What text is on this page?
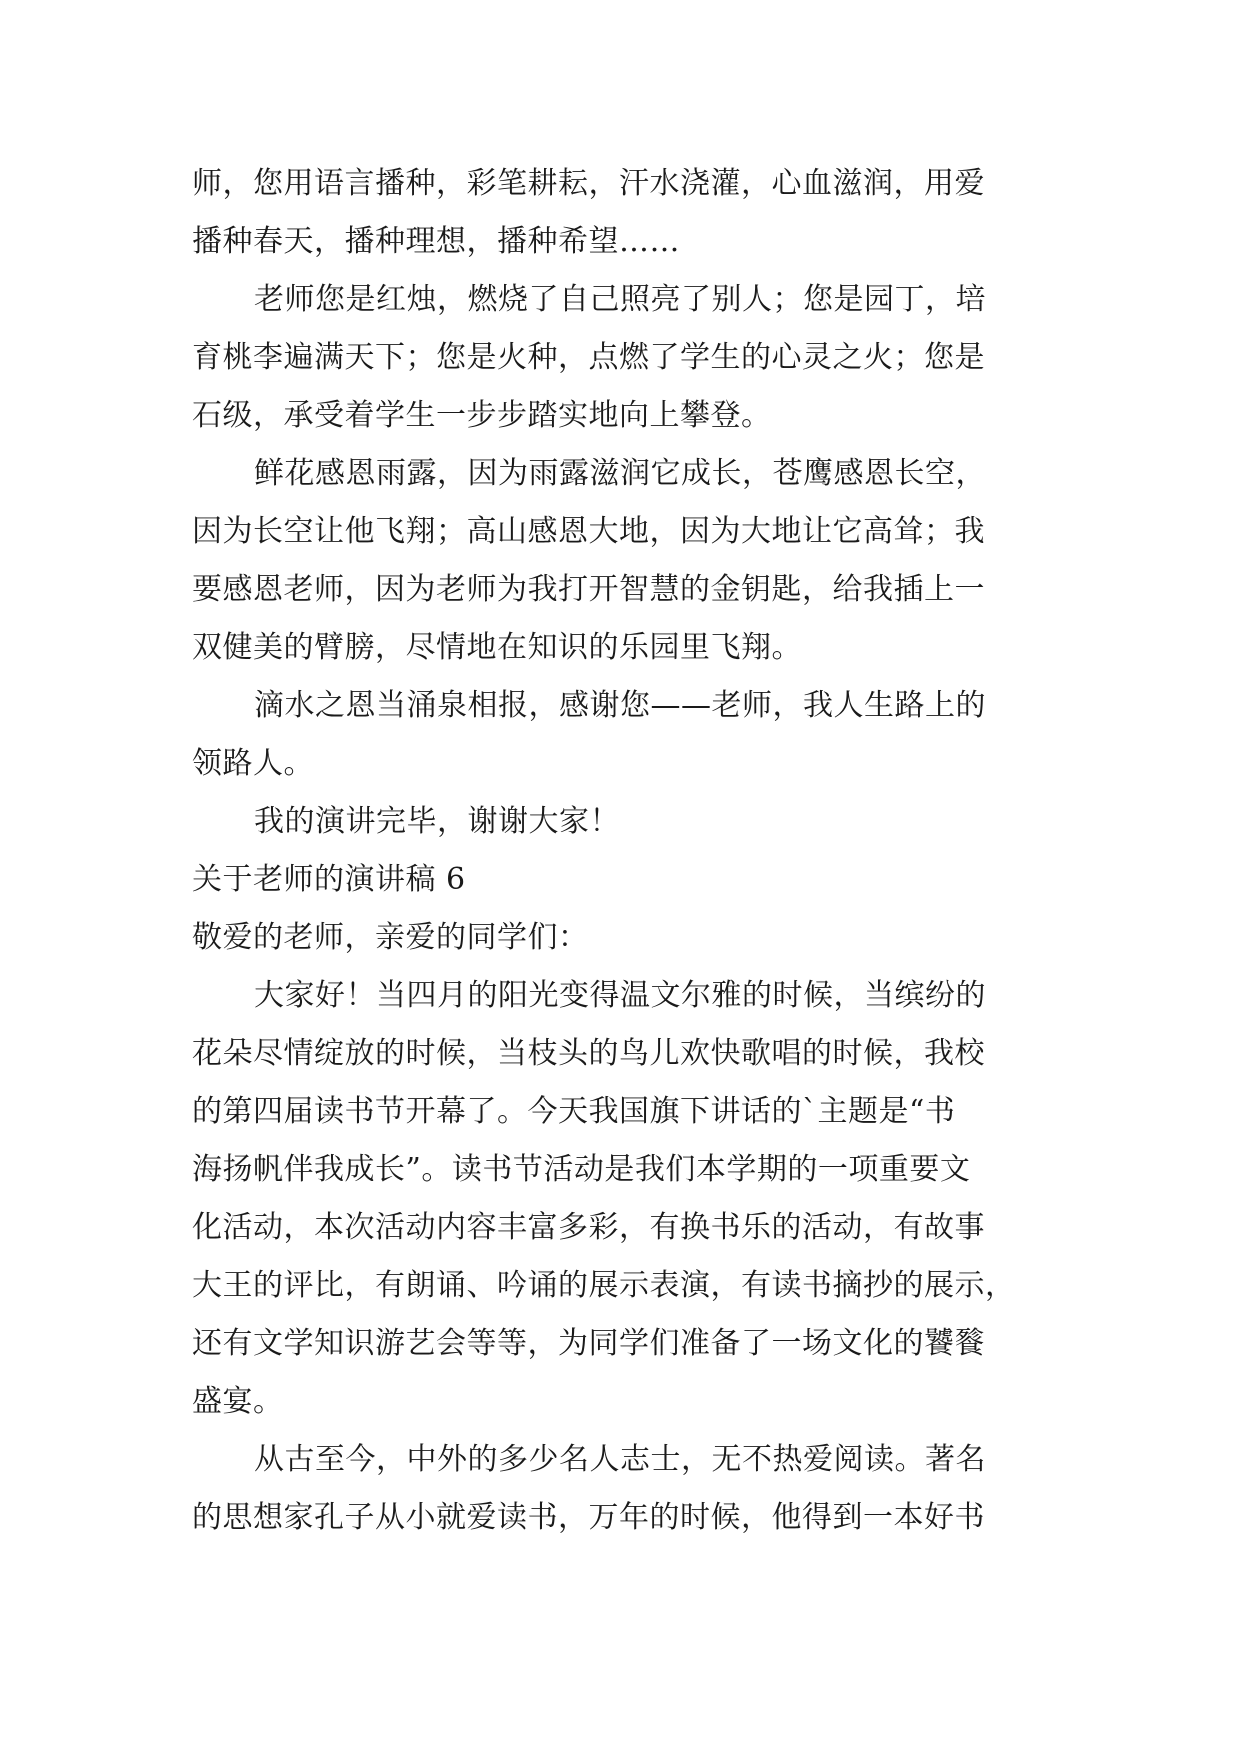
师，您用语言播种，彩笔耕耘，汗水浇灌，心血滋润，用爱
播种春天，播种理想，播种希望……
老师您是红烛，燃烧了自己照亮了别人；您是园丁，培
育桃李遍满天下；您是火种，点燃了学生的心灵之火；您是
石级，承受着学生一步步踏实地向上攀登。
鲜花感恩雨露，因为雨露滋润它成长，苍鹰感恩长空，
因为长空让他飞翔；高山感恩大地，因为大地让它高耸；我
要感恩老师，因为老师为我打开智慧的金钥匙，给我插上一
双健美的臂膀，尽情地在知识的乐园里飞翔。
滴水之恩当涌泉相报，感谢您——老师，我人生路上的
领路人。
我的演讲完毕，谢谢大家！
关于老师的演讲稿 6
敬爱的老师，亲爱的同学们：
大家好！当四月的阳光变得温文尔雅的时候，当缤纷的
花朵尽情绽放的时候，当枝头的鸟儿欢快歌唱的时候，我校
的第四届读书节开幕了。今天我国旗下讲话的`主题是“书
海扬帆伴我成长”。读书节活动是我们本学期的一项重要文
化活动，本次活动内容丰富多彩，有换书乐的活动，有故事
大王的评比，有朗诵、吟诵的展示表演，有读书摘抄的展示，
还有文学知识游艺会等等，为同学们准备了一场文化的饕餮
盛宴。
从古至今，中外的多少名人志士，无不热爱阅读。著名
的思想家孔子从小就爱读书，万年的时候，他得到一本好书
